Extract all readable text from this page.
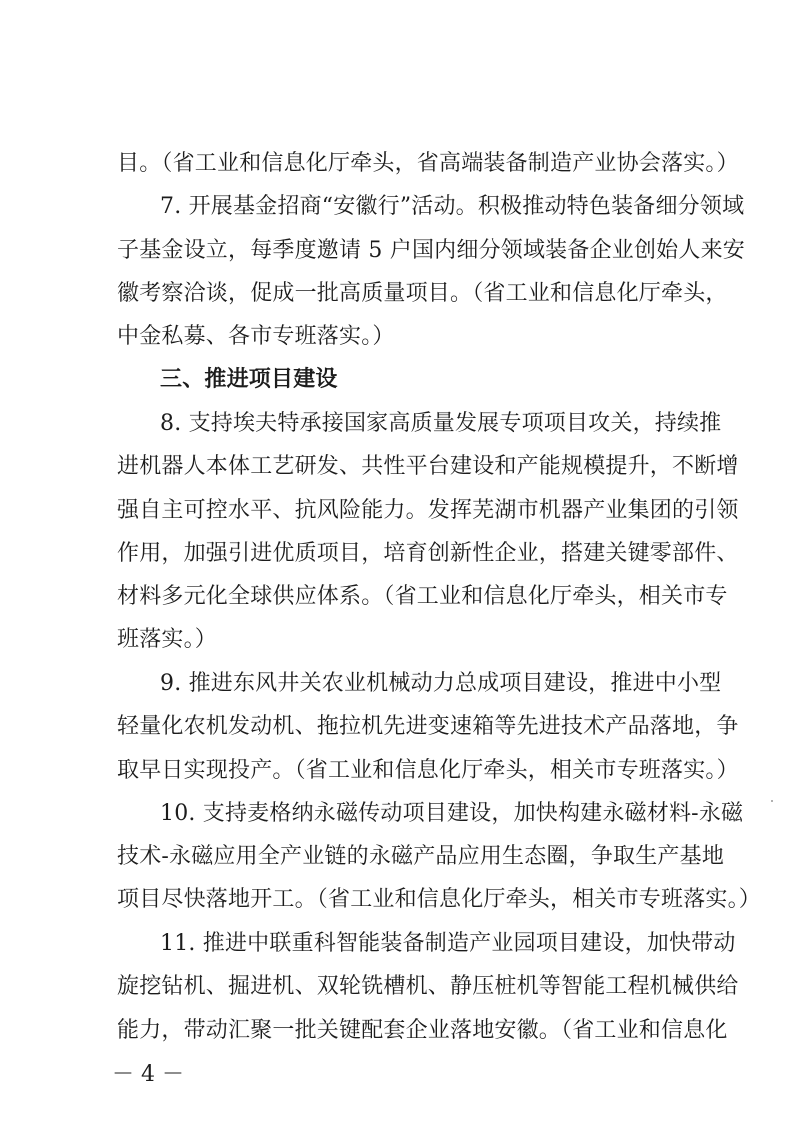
目。（省工业和信息化厅牵头，省高端装备制造产业协会落实。）
7. 开展基金招商“安徽行”活动。积极推动特色装备细分领域
子基金设立，每季度邀请 5 户国内细分领域装备企业创始人来安
徽考察洽谈，促成一批高质量项目。（省工业和信息化厅牵头，
中金私募、各市专班落实。）
三、推进项目建设
8. 支持埃夫特承接国家高质量发展专项项目攻关，持续推
进机器人本体工艺研发、共性平台建设和产能规模提升，不断增
强自主可控水平、抗风险能力。发挥芜湖市机器产业集团的引领
作用，加强引进优质项目，培育创新性企业，搭建关键零部件、
材料多元化全球供应体系。（省工业和信息化厅牵头，相关市专
班落实。）
9. 推进东风井关农业机械动力总成项目建设，推进中小型
轻量化农机发动机、拖拉机先进变速箱等先进技术产品落地，争
取早日实现投产。（省工业和信息化厅牵头，相关市专班落实。）
10. 支持麦格纳永磁传动项目建设，加快构建永磁材料-永磁
技术-永磁应用全产业链的永磁产品应用生态圈，争取生产基地
项目尽快落地开工。（省工业和信息化厅牵头，相关市专班落实。）
11. 推进中联重科智能装备制造产业园项目建设，加快带动
旋挖钻机、掘进机、双轮铣槽机、静压桩机等智能工程机械供给
能力，带动汇聚一批关键配套企业落地安徽。（省工业和信息化
－ 4 －
